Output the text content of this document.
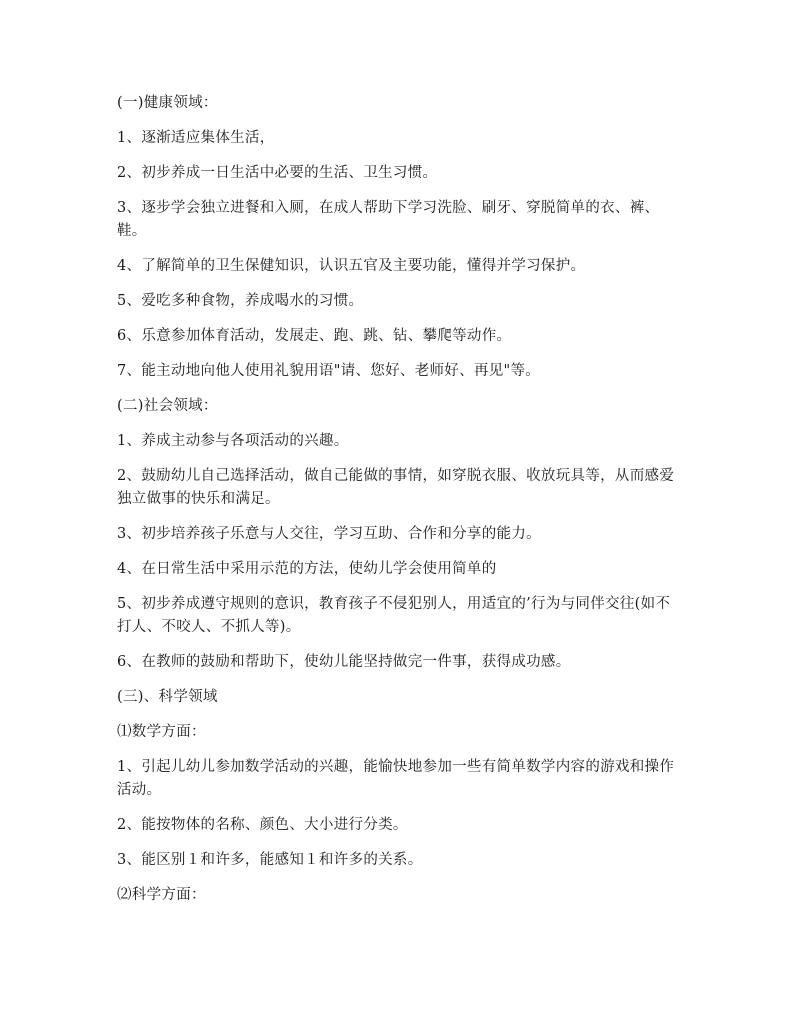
(一)健康领域：

1、逐渐适应集体生活，

2、初步养成一日生活中必要的生活、卫生习惯。

3、逐步学会独立进餐和入厕，在成人帮助下学习洗脸、刷牙、穿脱简单的衣、裤、鞋。

4、了解简单的卫生保健知识，认识五官及主要功能，懂得并学习保护。

5、爱吃多种食物，养成喝水的习惯。

6、乐意参加体育活动，发展走、跑、跳、钻、攀爬等动作。

7、能主动地向他人使用礼貌用语"请、您好、老师好、再见"等。

(二)社会领域：

1、养成主动参与各项活动的兴趣。

2、鼓励幼儿自己选择活动，做自己能做的事情，如穿脱衣服、收放玩具等，从而感爱独立做事的快乐和满足。

3、初步培养孩子乐意与人交往，学习互助、合作和分享的能力。

4、在日常生活中采用示范的方法，使幼儿学会使用简单的

5、初步养成遵守规则的意识，教育孩子不侵犯别人，用适宜的’行为与同伴交往(如不打人、不咬人、不抓人等)。

6、在教师的鼓励和帮助下，使幼儿能坚持做完一件事，获得成功感。

(三)、科学领域

⑴数学方面：

1、引起儿幼儿参加数学活动的兴趣，能愉快地参加一些有简单数学内容的游戏和操作活动。

2、能按物体的名称、颜色、大小进行分类。

3、能区别１和许多，能感知１和许多的关系。

⑵科学方面：
